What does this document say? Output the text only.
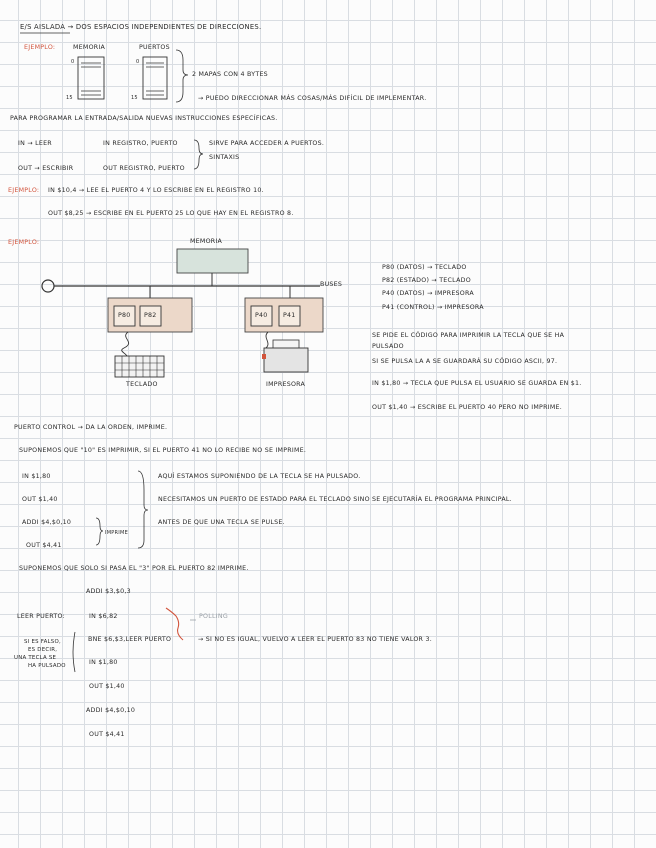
E/S AISLADA → DOS ESPACIOS INDEPENDIENTES DE DIRECCIONES.
EJEMPLO:	MEMORIA	PUERTOS
0
15
0
15
2 MAPAS CON 4 BYTES
→ PUEDO DIRECCIONAR MÁS COSAS/MÁS DIFÍCIL DE IMPLEMENTAR.
PARA PROGRAMAR LA ENTRADA/SALIDA NUEVAS INSTRUCCIONES ESPECÍFICAS.
IN → LEER
OUT → ESCRIBIR
IN REGISTRO, PUERTO
OUT REGISTRO, PUERTO
SIRVE PARA ACCEDER A PUERTOS.
SINTAXIS
EJEMPLO: IN $10,4 → LEE EL PUERTO 4 Y LO ESCRIBE EN EL REGISTRO 10.
OUT $8,25 → ESCRIBE EN EL PUERTO 25 LO QUE HAY EN EL REGISTRO 8.
EJEMPLO:	MEMORIA
BUSES
P80 P82	P40 P41
TECLADO	IMPRESORA
P80 (DATOS) → TECLADO
P82 (ESTADO) → TECLADO
P40 (DATOS) → IMPRESORA
P41 (CONTROL) → IMPRESORA
SE PIDE EL CÓDIGO PARA IMPRIMIR LA TECLA QUE SE HA
PULSADO
SI SE PULSA LA A SE GUARDARÁ SU CÓDIGO ASCII, 97.
IN $1,80 → TECLA QUE PULSA EL USUARIO SE GUARDA EN $1.
OUT $1,40 → ESCRIBE EL PUERTO 40 PERO NO IMPRIME.
PUERTO CONTROL → DA LA ORDEN, IMPRIME.
SUPONEMOS QUE "10" ES IMPRIMIR, SI EL PUERTO 41 NO LO RECIBE NO SE IMPRIME.
IN $1,80
OUT $1,40
ADDI $4,$0,10
OUT $4,41
IMPRIME
AQUÍ ESTAMOS SUPONIENDO DE LA TECLA SE HA PULSADO.
NECESITAMOS UN PUERTO DE ESTADO PARA EL TECLADO SINO SE EJECUTARÍA EL PROGRAMA PRINCIPAL.
ANTES DE QUE UNA TECLA SE PULSE.
SUPONEMOS QUE SOLO SI PASA EL "3" POR EL PUERTO 82 IMPRIME.
ADDI $3,$0,3
LEER PUERTO:	IN $6,82	POLLING
BNE $6,$3,LEER PUERTO	→ SI NO ES IGUAL, VUELVO A LEER EL PUERTO 83 NO TIENE VALOR 3.
SI ES FALSO,
ES DECIR,
UNA TECLA SE
HA PULSADO	IN $1,80
OUT $1,40
ADDI $4,$0,10
OUT $4,41
